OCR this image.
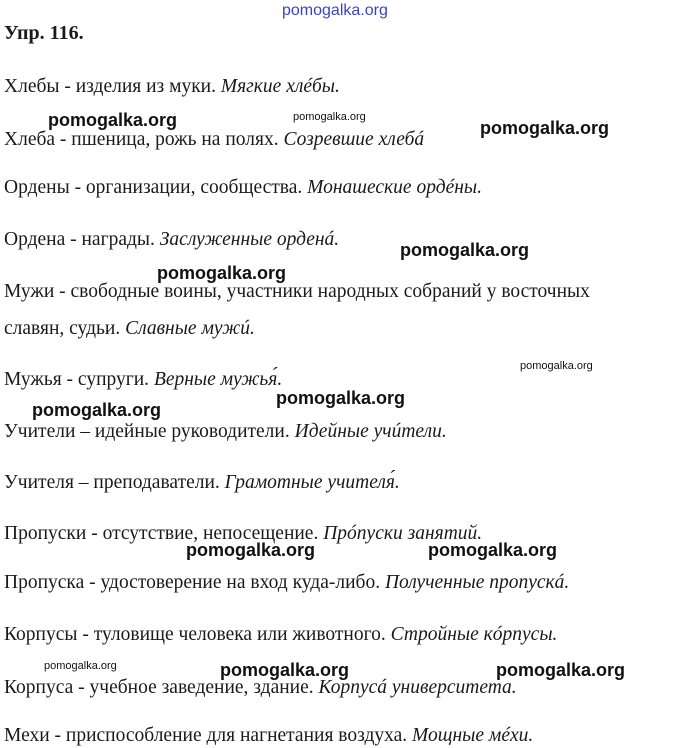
Упр. 116.
Хлебы - изделия из муки. Мягкие хлéбы.
Хлеба - пшеница, рожь на полях. Созревшие хлебá
Ордены - организации, сообщества. Монашеские ордéны.
Ордена - награды. Заслуженные орденá.
Мужи - свободные воины, участники народных собраний у восточных
славян, судьи. Славные мужú.
Мужья - супруги. Верные мужья́.
Учители – идейные руководители. Идейные учúтели.
Учителя – преподаватели. Грамотные учителя́.
Пропуски - отсутствие, непосещение. Прóпуски занятий.
Пропуска - удостоверение на вход куда-либо. Полученные пропускá.
Корпусы - туловище человека или животного. Стройные кóрпусы.
Корпуса - учебное заведение, здание. Корпусá университета.
Мехи - приспособление для нагнетания воздуха. Мощные мéхи.
pomogalka.org
pomogalka.org	pomogalka.org
pomogalka.org
pomogalka.org
pomogalka.org
pomogalka.org
pomogalka.org
pomogalka.org
pomogalka.org	pomogalka.org
pomogalka.org	pomogalka.org	pomogalka.org
